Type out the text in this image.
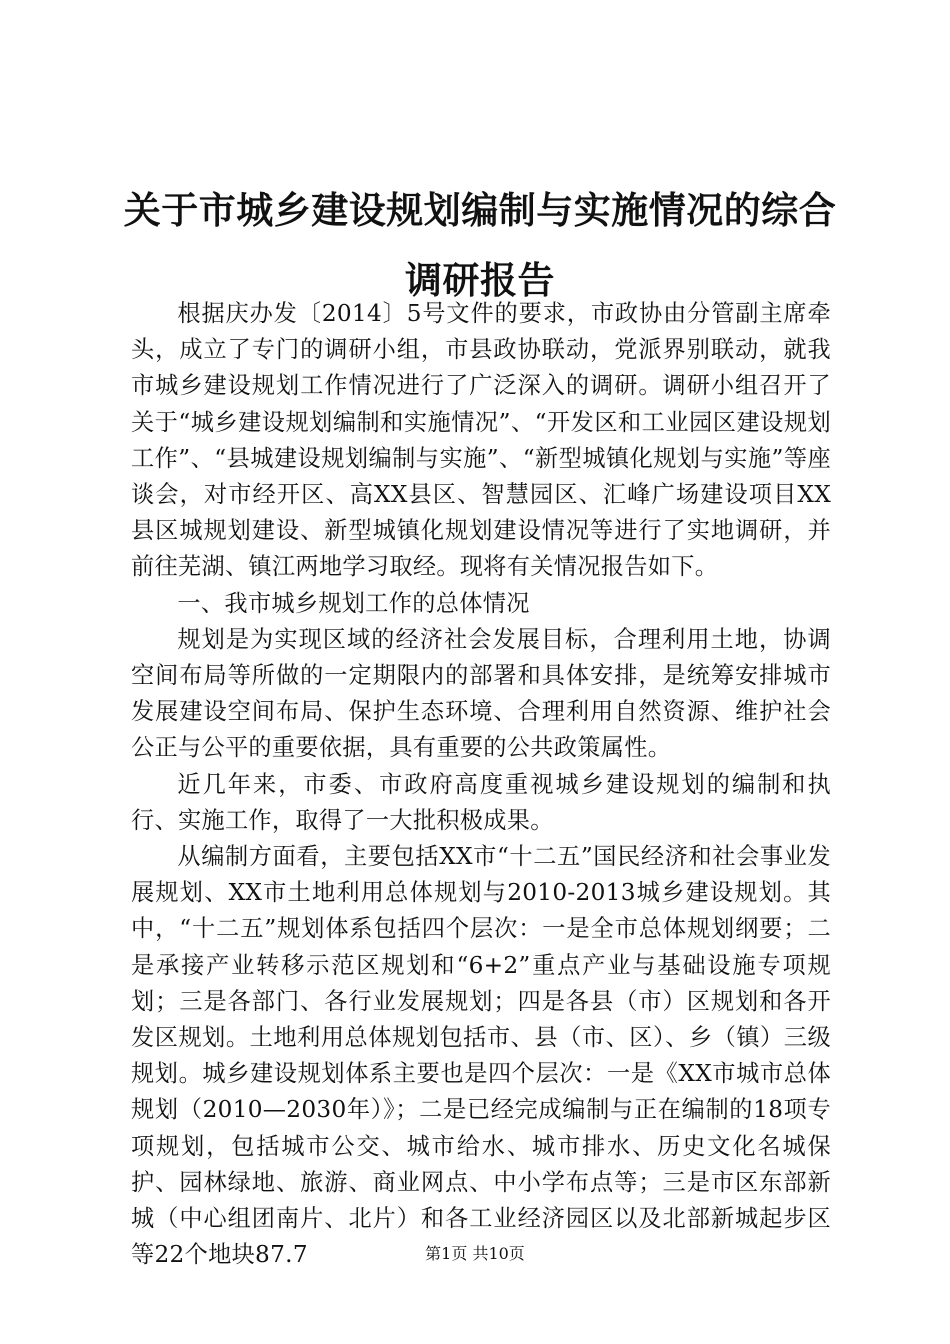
关于市城乡建设规划编制与实施情况的综合调研报告

根据庆办发〔2014〕5号文件的要求，市政协由分管副主席牵头，成立了专门的调研小组，市县政协联动，党派界别联动，就我市城乡建设规划工作情况进行了广泛深入的调研。调研小组召开了关于“城乡建设规划编制和实施情况”、“开发区和工业园区建设规划工作”、“县城建设规划编制与实施”、“新型城镇化规划与实施”等座谈会，对市经开区、高XX县区、智慧园区、汇峰广场建设项目XX县区城规划建设、新型城镇化规划建设情况等进行了实地调研，并前往芜湖、镇江两地学习取经。现将有关情况报告如下。

一、我市城乡规划工作的总体情况

规划是为实现区域的经济社会发展目标，合理利用土地，协调空间布局等所做的一定期限内的部署和具体安排，是统筹安排城市发展建设空间布局、保护生态环境、合理利用自然资源、维护社会公正与公平的重要依据，具有重要的公共政策属性。

近几年来，市委、市政府高度重视城乡建设规划的编制和执行、实施工作，取得了一大批积极成果。

从编制方面看，主要包括XX市“十二五”国民经济和社会事业发展规划、XX市土地利用总体规划与2010-2013城乡建设规划。其中，“十二五”规划体系包括四个层次：一是全市总体规划纲要；二是承接产业转移示范区规划和“6+2”重点产业与基础设施专项规划；三是各部门、各行业发展规划；四是各县（市）区规划和各开发区规划。土地利用总体规划包括市、县（市、区）、乡（镇）三级规划。城乡建设规划体系主要也是四个层次：一是《XX市城市总体规划（2010—2030年）》；二是已经完成编制与正在编制的18项专项规划，包括城市公交、城市给水、城市排水、历史文化名城保护、园林绿地、旅游、商业网点、中小学布点等；三是市区东部新城（中心组团南片、北片）和各工业经济园区以及北部新城起步区等22个地块87.7	第1页 共10页
